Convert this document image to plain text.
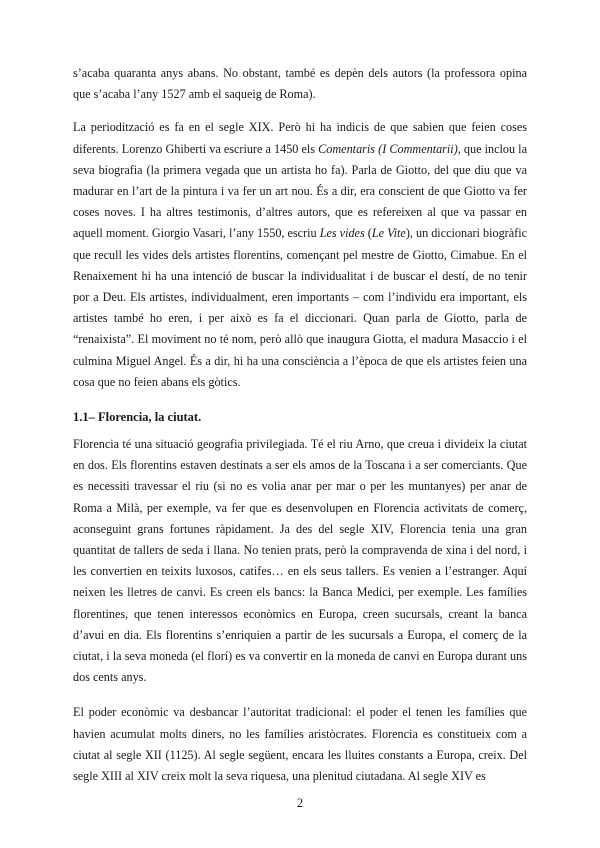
s’acaba quaranta anys abans. No obstant, també es depèn dels autors (la professora opina que s’acaba l’any 1527 amb el saqueig de Roma).

La periodització es fa en el segle XIX. Però hi ha indicis de que sabien que feien coses diferents. Lorenzo Ghiberti va escriure a 1450 els Comentaris (I Commentarii), que inclou la seva biografia (la primera vegada que un artista ho fa). Parla de Giotto, del que diu que va madurar en l’art de la pintura i va fer un art nou. És a dir, era conscient de que Giotto va fer coses noves. I ha altres testimonis, d’altres autors, que es refereixen al que va passar en aquell moment. Giorgio Vasari, l’any 1550, escriu Les vides (Le Vite), un diccionari biogràfic que recull les vides dels artistes florentins, començant pel mestre de Giotto, Cimabue. En el Renaixement hi ha una intenció de buscar la individualitat i de buscar el destí, de no tenir por a Deu. Els artistes, individualment, eren importants – com l’individu era important, els artistes també ho eren, i per això es fa el diccionari. Quan parla de Giotto, parla de “renaixista”. El moviment no té nom, però allò que inaugura Giotta, el madura Masaccio i el culmina Miguel Angel. És a dir, hi ha una consciència a l’època de que els artistes feien una cosa que no feien abans els gòtics.

1.1– Florencia, la ciutat.

Florencia té una situació geografia privilegiada. Té el riu Arno, que creua i divideix la ciutat en dos. Els florentins estaven destinats a ser els amos de la Toscana i a ser comerciants. Que es necessiti travessar el riu (si no es volia anar per mar o per les muntanyes) per anar de Roma a Milà, per exemple, va fer que es desenvolupen en Florencia activitats de comerç, aconseguint grans fortunes ràpidament. Ja des del segle XIV, Florencia tenia una gran quantitat de tallers de seda i llana. No tenien prats, però la compravenda de xina i del nord, i les convertien en teixits luxosos, catifes… en els seus tallers. Es venien a l’estranger. Aquí neixen les lletres de canvi. Es creen els bancs: la Banca Medici, per exemple. Les famílies florentines, que tenen interessos econòmics en Europa, creen sucursals, creant la banca d’avui en dia. Els florentins s’enriquien a partir de les sucursals a Europa, el comerç de la ciutat, i la seva moneda (el florí) es va convertir en la moneda de canvi en Europa durant uns dos cents anys.

El poder econòmic va desbancar l’autoritat tradicional: el poder el tenen les famílies que havien acumulat molts diners, no les famílies aristòcrates. Florencia es constitueix com a ciutat al segle XII (1125). Al segle següent, encara les lluites constants a Europa, creix. Del segle XIII al XIV creix molt la seva riquesa, una plenitud ciutadana. Al segle XIV es

2
